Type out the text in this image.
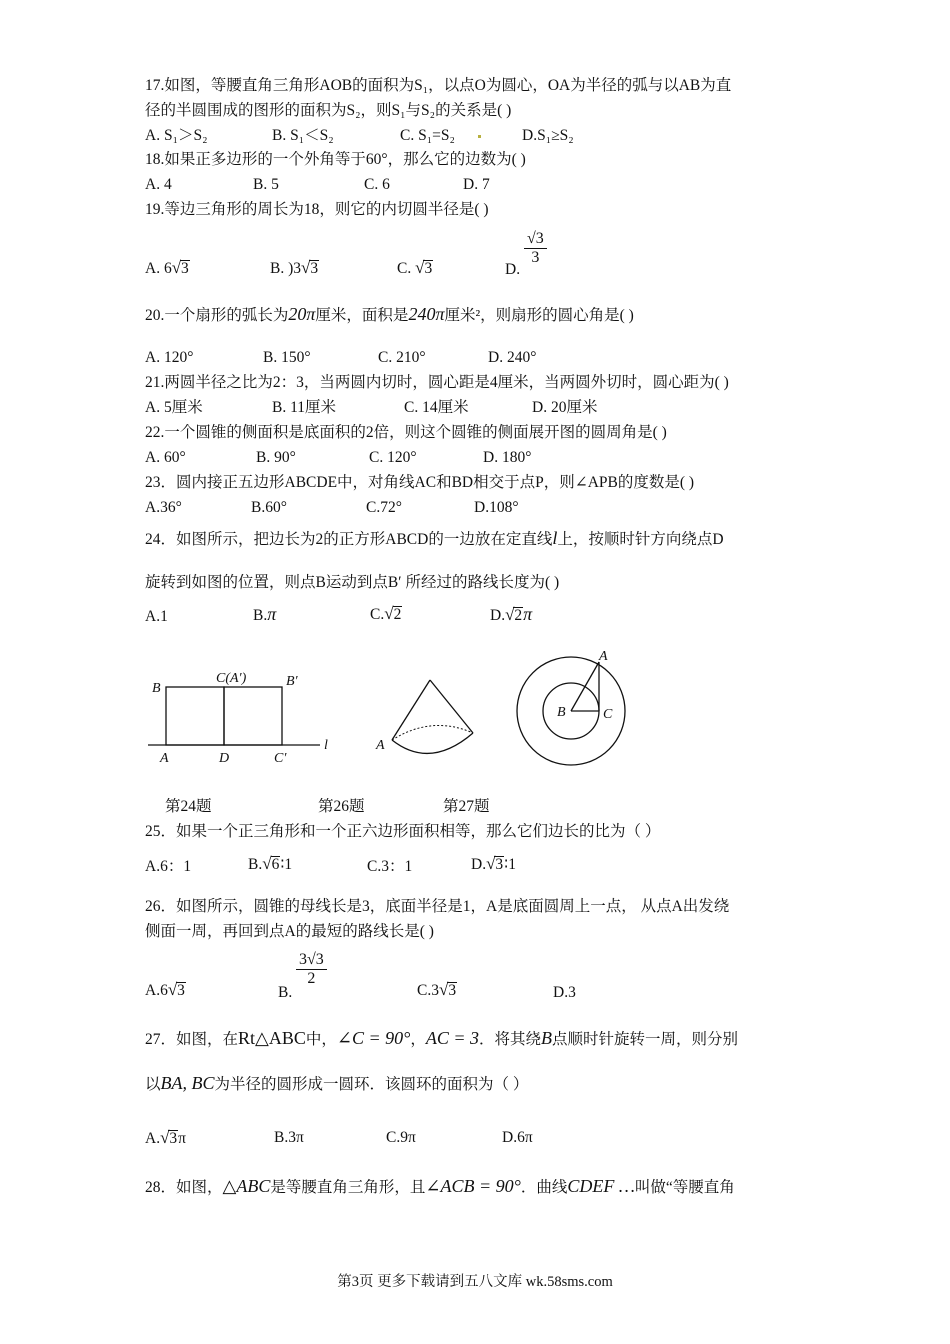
17.如图，等腰直角三角形AOB的面积为S₁，以点O为圆心，OA为半径的弧与以AB为直
径的半圆围成的图形的面积为S₂，则S₁与S₂的关系是( )
A. S₁＞S₂	B. S₁＜S₂	C. S₁=S₂	D.S₁≥S₂
18.如果正多边形的一个外角等于60°，那么它的边数为( )
A. 4	B. 5	C. 6	D. 7
19.等边三角形的周长为18，则它的内切圆半径是( )
A. 6√3	B. )3√3	C. √3	D.
$\frac{√3}{3}$
20.一个扇形的弧长为20π厘米，面积是240π厘米²，则扇形的圆心角是( )
A. 120°	B. 150°	C. 210°	D. 240°
21.两圆半径之比为2：3，当两圆内切时，圆心距是4厘米，当两圆外切时，圆心距为( )
A. 5厘米	B. 11厘米	C. 14厘米	D. 20厘米
22.一个圆锥的侧面积是底面积的2倍，则这个圆锥的侧面展开图的圆周角是( )
A. 60°	B. 90°	C. 120°	D. 180°
23．圆内接正五边形ABCDE中，对角线AC和BD相交于点P，则∠APB的度数是( )
A.36°	B.60°	C.72°	D.108°
24．如图所示，把边长为2的正方形ABCD的一边放在定直线l上，按顺时针方向绕点D
旋转到如图的位置，则点B运动到点B′ 所经过的路线长度为( )
A.1	B.π	C.√2	D.√2π
B
C(A′)	B′
A	D	C′
l	A
A
B	C
第24题	第26题	第27题
25．如果一个正三角形和一个正六边形面积相等，那么它们边长的比为（ ）
A.6：1	B.√6∶1	C.3：1	D.√3∶1
26．如图所示，圆锥的母线长是3，底面半径是1，A是底面圆周上一点， 从点A出发绕
侧面一周，再回到点A的最短的路线长是( )
A.6√3	B.
$\frac{3√3}{2}$
C.3√3	D.3
27．如图，在Rt△ABC中，∠C = 90°，AC = 3．将其绕B点顺时针旋转一周，则分别
以BA, BC为半径的圆形成一圆环．该圆环的面积为（ ）
A.√3π	B.3π	C.9π	D.6π
28．如图，△ABC是等腰直角三角形，且∠ACB = 90°．曲线CDEF …叫做“等腰直角
第3页 更多下载请到五八文库 wk.58sms.com
